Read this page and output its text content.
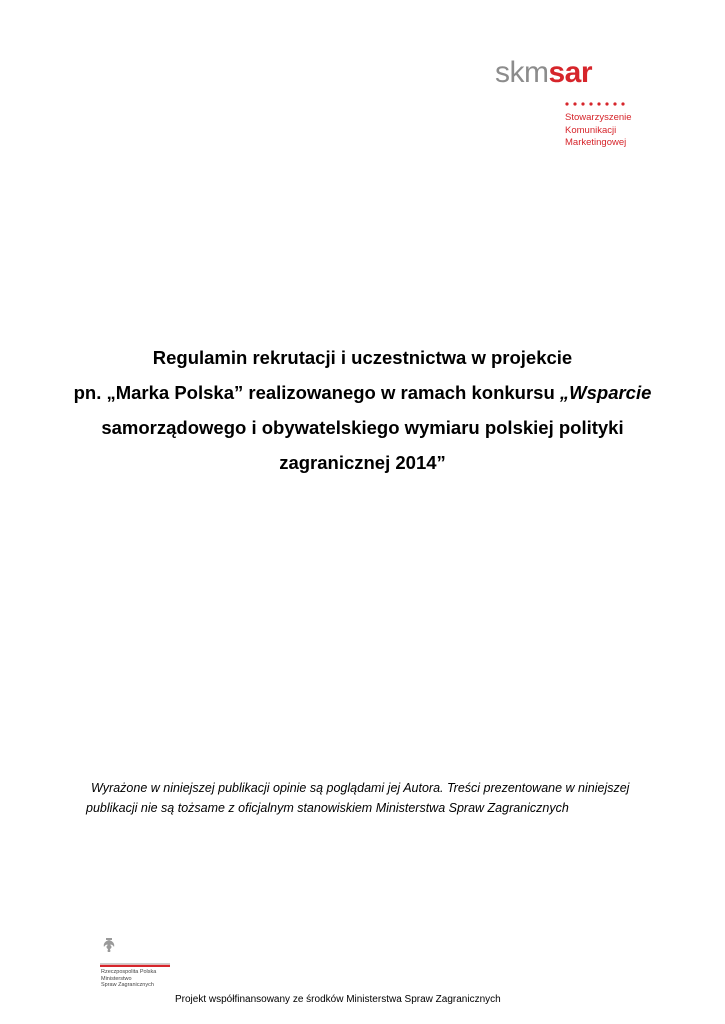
skmsar
Stowarzyszenie
Komunikacji
Marketingowej
Regulamin rekrutacji i uczestnictwa w projekcie
pn. „Marka Polska” realizowanego w ramach konkursu „Wsparcie
samorządowego i obywatelskiego wymiaru polskiej polityki
zagranicznej 2014”
Wyrażone w niniejszej publikacji opinie są poglądami jej Autora. Treści prezentowane w niniejszej
publikacji nie są tożsame z oficjalnym stanowiskiem Ministerstwa Spraw Zagranicznych
Rzeczpospolita Polska
Ministerstwo
Spraw Zagranicznych
Projekt współfinansowany ze środków Ministerstwa Spraw Zagranicznych
